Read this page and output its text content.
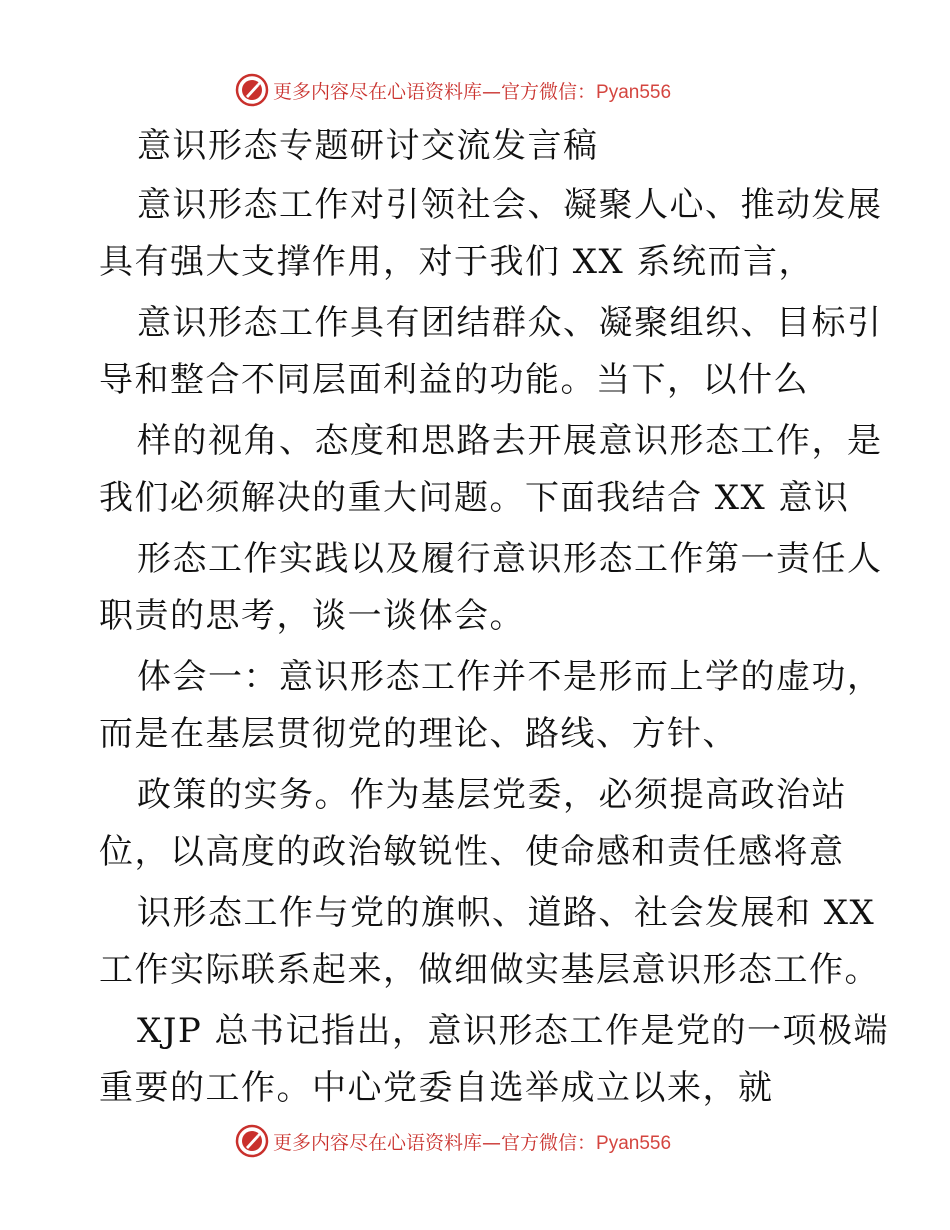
更多内容尽在心语资料库—官方微信：Pyan556

意识形态专题研讨交流发言稿

意识形态工作对引领社会、凝聚人心、推动发展

具有强大支撑作用，对于我们 XX 系统而言，

意识形态工作具有团结群众、凝聚组织、目标引

导和整合不同层面利益的功能。当下，以什么

样的视角、态度和思路去开展意识形态工作，是

我们必须解决的重大问题。下面我结合 XX 意识

形态工作实践以及履行意识形态工作第一责任人

职责的思考，谈一谈体会。

体会一：意识形态工作并不是形而上学的虚功，

而是在基层贯彻党的理论、路线、方针、

政策的实务。作为基层党委，必须提高政治站

位，以高度的政治敏锐性、使命感和责任感将意

识形态工作与党的旗帜、道路、社会发展和 XX

工作实际联系起来，做细做实基层意识形态工作。

XJP 总书记指出，意识形态工作是党的一项极端

重要的工作。中心党委自选举成立以来，就

更多内容尽在心语资料库—官方微信：Pyan556
